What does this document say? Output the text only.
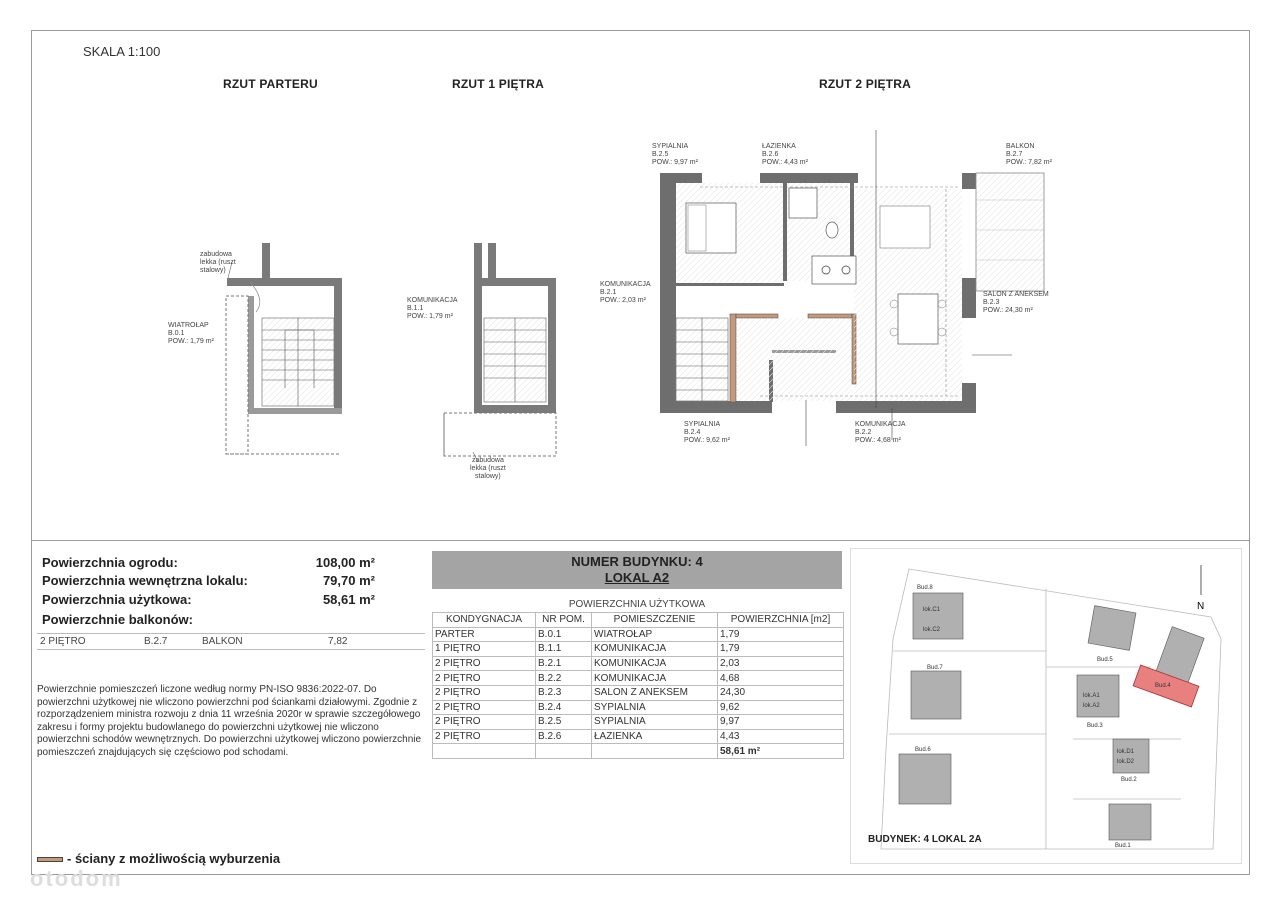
SKALA 1:100
RZUT PARTERU	RZUT 1 PIĘTRA	RZUT 2 PIĘTRA
zabudowa
lekka (ruszt
stalowy)
WIATROŁAP
B.0.1
POW.: 1,79 m²
KOMUNIKACJA
B.1.1
POW.: 1,79 m²
zabudowa
lekka (ruszt
stalowy)
SYPIALNIA
B.2.5
POW.: 9,97 m²
ŁAZIENKA
B.2.6
POW.: 4,43 m²
BALKON
B.2.7
POW.: 7,82 m²
KOMUNIKACJA
B.2.1
POW.: 2,03 m²
SALON Z ANEKSEM
B.2.3
POW.: 24,30 m²
SYPIALNIA
B.2.4
POW.: 9,62 m²
KOMUNIKACJA
B.2.2
POW.: 4,68 m²
Powierzchnia ogrodu:	108,00 m²
Powierzchnia wewnętrzna lokalu:	79,70 m²
Powierzchnia użytkowa:	58,61 m²
Powierzchnie balkonów:
2 PIĘTRO	B.2.7	BALKON	7,82
Powierzchnie pomieszczeń liczone według normy PN-ISO 9836:2022-07. Do powierzchni użytkowej nie wliczono powierzchni pod ściankami działowymi. Zgodnie z rozporządzeniem ministra rozwoju z dnia 11 września 2020r w sprawie szczegółowego zakresu i formy projektu budowlanego do powierzchni użytkowej nie wliczono powierzchni schodów wewnętrznych. Do powierzchni użytkowej wliczono powierzchnie pomieszczeń znajdujących się częściowo pod schodami.
- ściany z możliwością wyburzenia
otodom
NUMER BUDYNKU: 4
LOKAL A2
POWIERZCHNIA UŻYTKOWA
KONDYGNACJA	NR POM.	POMIESZCZENIE	POWIERZCHNIA [m2]
PARTER	B.0.1	WIATROŁAP	1,79
1 PIĘTRO	B.1.1	KOMUNIKACJA	1,79
2 PIĘTRO	B.2.1	KOMUNIKACJA	2,03
2 PIĘTRO	B.2.2	KOMUNIKACJA	4,68
2 PIĘTRO	B.2.3	SALON Z ANEKSEM	24,30
2 PIĘTRO	B.2.4	SYPIALNIA	9,62
2 PIĘTRO	B.2.5	SYPIALNIA	9,97
2 PIĘTRO	B.2.6	ŁAZIENKA	4,43
			58,61 m²
N
Bud.8
Bud.7
Bud.6
Bud.5
Bud.4
Bud.3
Bud.2
Bud.1
lok.C1
lok.C2
lok.A1
lok.A2
lok.D1
lok.D2
BUDYNEK: 4 LOKAL 2A
